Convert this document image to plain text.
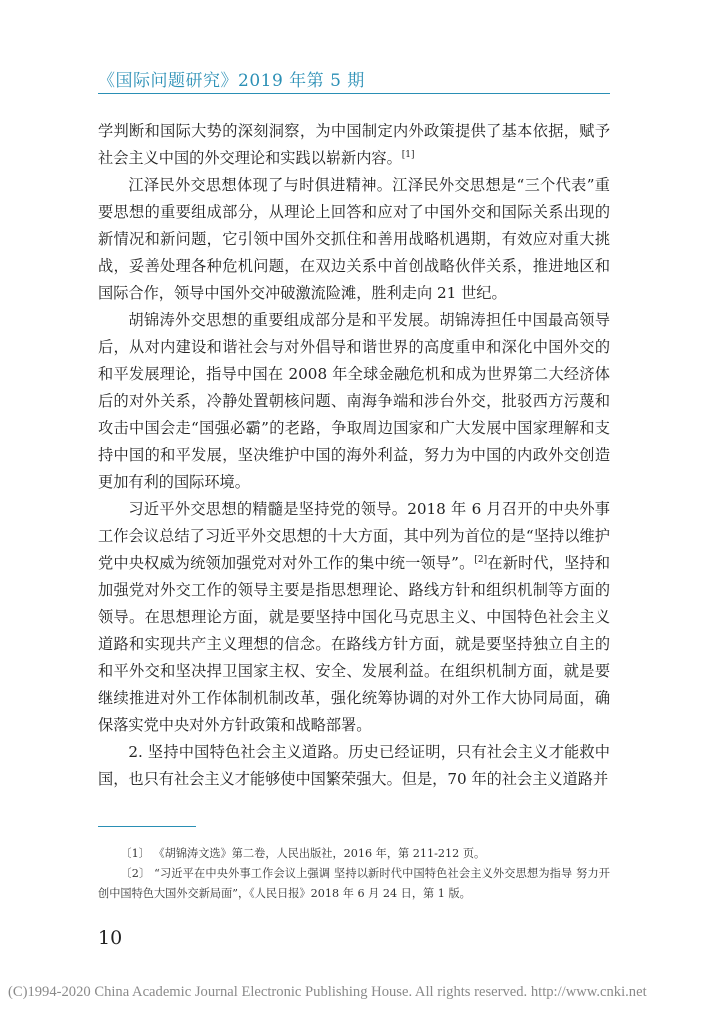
《国际问题研究》2019 年第 5 期

学判断和国际大势的深刻洞察，为中国制定内外政策提供了基本依据，赋予社会主义中国的外交理论和实践以崭新内容。[1]

江泽民外交思想体现了与时俱进精神。江泽民外交思想是“三个代表”重要思想的重要组成部分，从理论上回答和应对了中国外交和国际关系出现的新情况和新问题，它引领中国外交抓住和善用战略机遇期，有效应对重大挑战，妥善处理各种危机问题，在双边关系中首创战略伙伴关系，推进地区和国际合作，领导中国外交冲破激流险滩，胜利走向 21 世纪。

胡锦涛外交思想的重要组成部分是和平发展。胡锦涛担任中国最高领导后，从对内建设和谐社会与对外倡导和谐世界的高度重申和深化中国外交的和平发展理论，指导中国在 2008 年全球金融危机和成为世界第二大经济体后的对外关系，冷静处置朝核问题、南海争端和涉台外交，批驳西方污蔑和攻击中国会走“国强必霸”的老路，争取周边国家和广大发展中国家理解和支持中国的和平发展，坚决维护中国的海外利益，努力为中国的内政外交创造更加有利的国际环境。

习近平外交思想的精髓是坚持党的领导。2018 年 6 月召开的中央外事工作会议总结了习近平外交思想的十大方面，其中列为首位的是“坚持以维护党中央权威为统领加强党对对外工作的集中统一领导”。[2]在新时代，坚持和加强党对外交工作的领导主要是指思想理论、路线方针和组织机制等方面的领导。在思想理论方面，就是要坚持中国化马克思主义、中国特色社会主义道路和实现共产主义理想的信念。在路线方针方面，就是要坚持独立自主的和平外交和坚决捍卫国家主权、安全、发展利益。在组织机制方面，就是要继续推进对外工作体制机制改革，强化统筹协调的对外工作大协同局面，确保落实党中央对外方针政策和战略部署。

2. 坚持中国特色社会主义道路。历史已经证明，只有社会主义才能救中国，也只有社会主义才能够使中国繁荣强大。但是，70 年的社会主义道路并

〔1〕 《胡锦涛文选》第二卷，人民出版社，2016 年，第 211-212 页。

〔2〕 “习近平在中央外事工作会议上强调 坚持以新时代中国特色社会主义外交思想为指导 努力开创中国特色大国外交新局面”，《人民日报》2018 年 6 月 24 日，第 1 版。

10
(C)1994-2020 China Academic Journal Electronic Publishing House. All rights reserved. http://www.cnki.net
